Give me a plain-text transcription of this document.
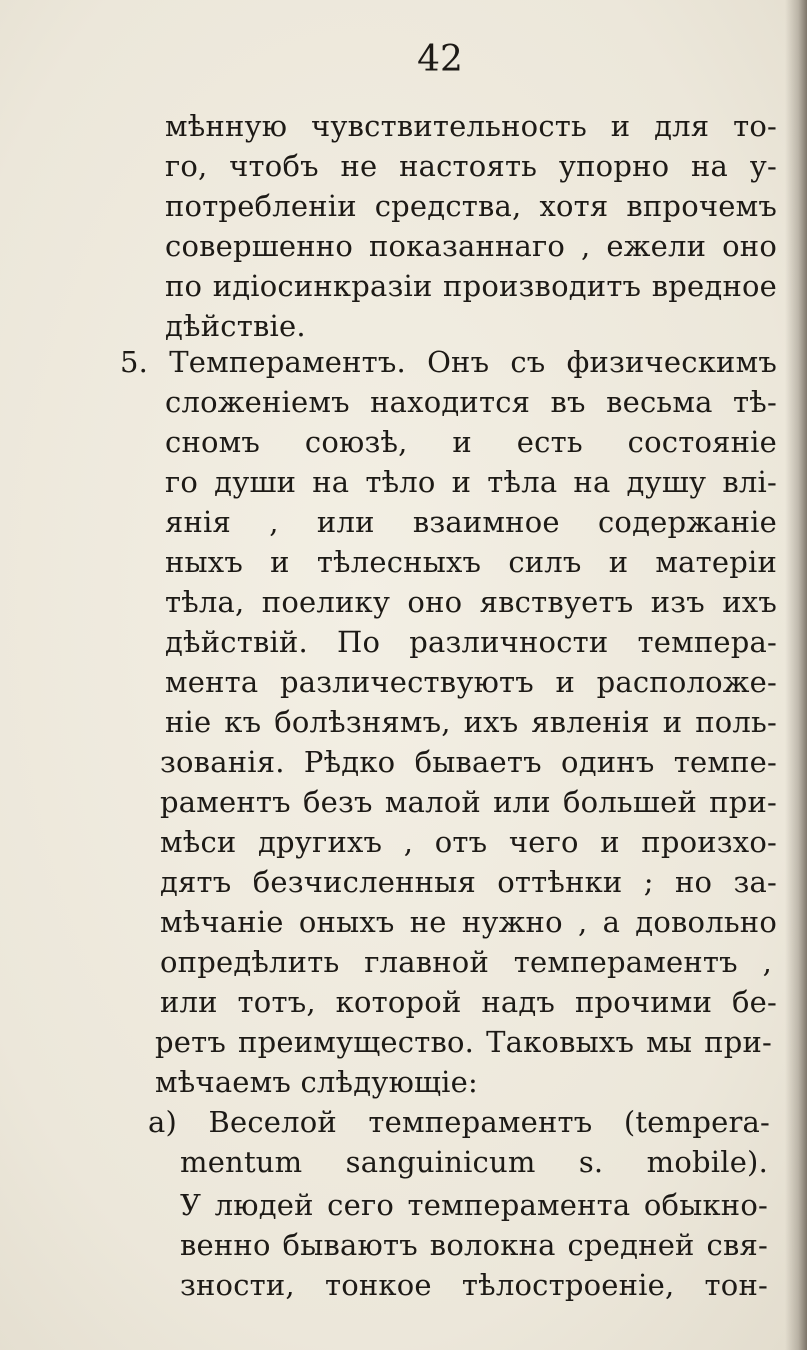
42
мѣнную чувствительность и для то-
го, чтобъ не настоять упорно на у-
потребленіи средства, хотя впрочемъ
совершенно показаннаго , ежели оно
по идіосинкразіи производитъ вредное
дѣйствіе.
5. Темпераментъ. Онъ съ физическимъ
сложеніемъ находится въ весьма тѣ-
сномъ союзѣ, и есть состояніе
го души на тѣло и тѣла на душу влі-
янія , или взаимное содержаніе
ныхъ и тѣлесныхъ силъ и матеріи
тѣла, поелику оно явствуетъ изъ ихъ
дѣйствій. По различности темпера-
мента различествуютъ и расположе-
ніе къ болѣзнямъ, ихъ явленія и поль-
зованія. Рѣдко бываетъ одинъ темпе-
раментъ безъ малой или большей при-
мѣси другихъ , отъ чего и произхо-
дятъ безчисленныя оттѣнки ; но за-
мѣчаніе оныхъ не нужно , а довольно
опредѣлить главной темпераментъ ,
или тотъ, которой надъ прочими бе-
ретъ преимущество. Таковыхъ мы при-
мѣчаемъ слѣдующіе:
a) Веселой темпераментъ (tempera-
mentum sanguinicum s. mobile).
У людей сего темперамента обыкно-
венно бываютъ волокна средней свя-
зности, тонкое тѣлостроеніе, тон-
